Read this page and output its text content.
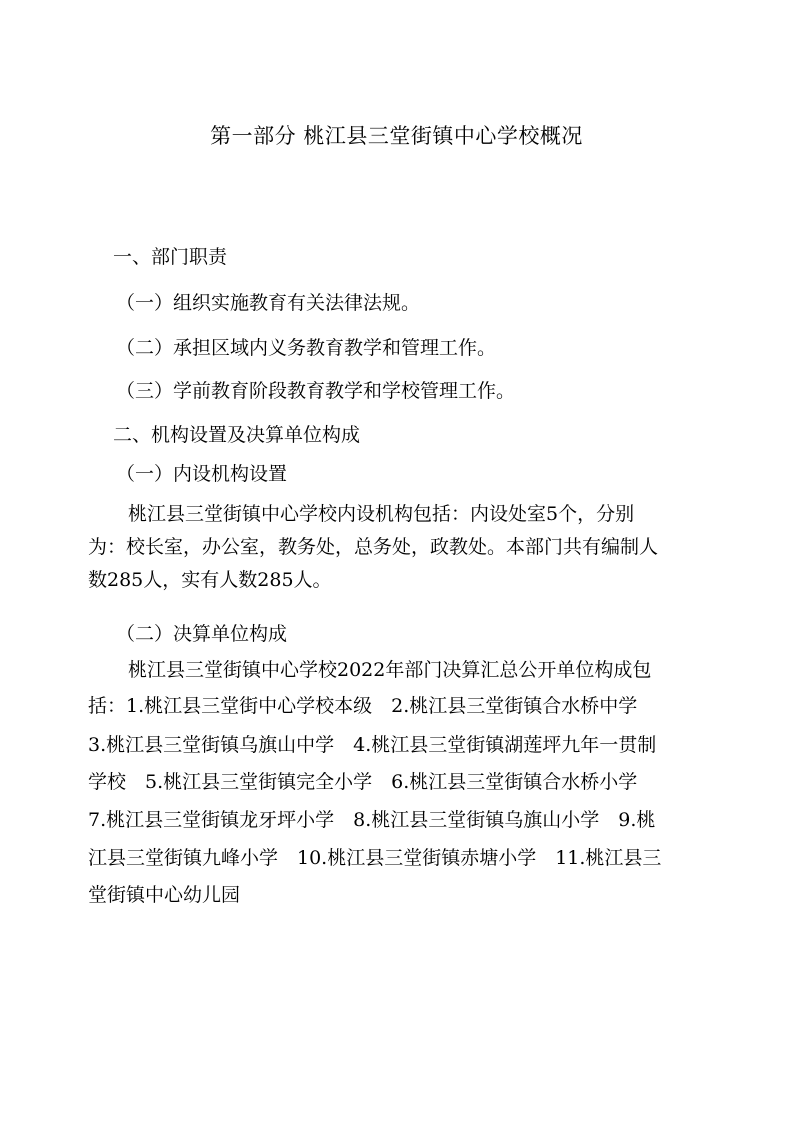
第一部分 桃江县三堂街镇中心学校概况
一、部门职责
（一）组织实施教育有关法律法规。
（二）承担区域内义务教育教学和管理工作。
（三）学前教育阶段教育教学和学校管理工作。
二、机构设置及决算单位构成
（一）内设机构设置
桃江县三堂街镇中心学校内设机构包括：内设处室5个，分别
为：校长室，办公室，教务处，总务处，政教处。本部门共有编制人
数285人，实有人数285人。
（二）决算单位构成
桃江县三堂街镇中心学校2022年部门决算汇总公开单位构成包
括：1.桃江县三堂街中心学校本级　2.桃江县三堂街镇合水桥中学
3.桃江县三堂街镇乌旗山中学　4.桃江县三堂街镇湖莲坪九年一贯制
学校　5.桃江县三堂街镇完全小学　6.桃江县三堂街镇合水桥小学
7.桃江县三堂街镇龙牙坪小学　8.桃江县三堂街镇乌旗山小学　9.桃
江县三堂街镇九峰小学　10.桃江县三堂街镇赤塘小学　11.桃江县三
堂街镇中心幼儿园
